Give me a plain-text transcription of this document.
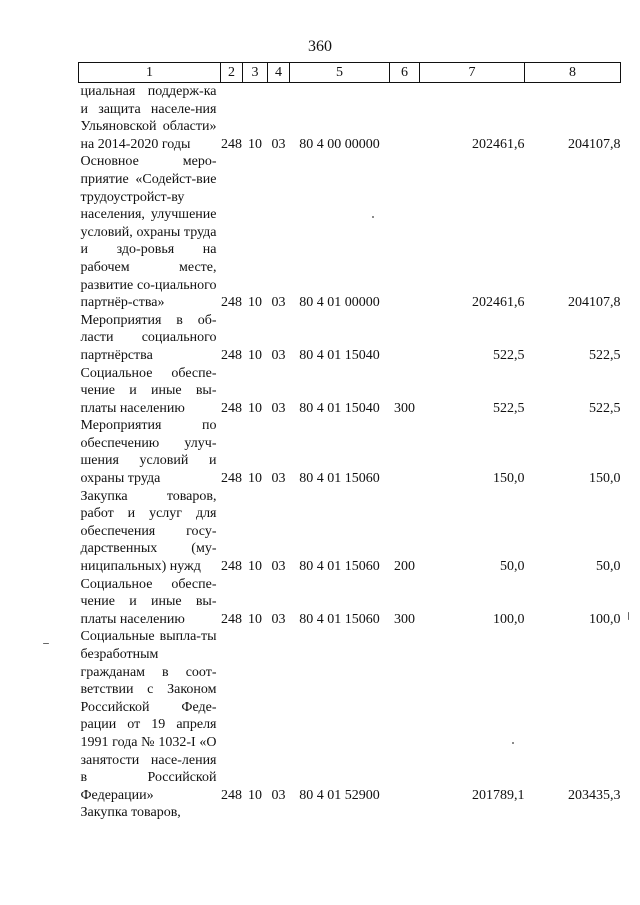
360
1	2	3	4	5	6	7	8
циальная поддерж-ка и защита населе-ния Ульяновской области» на 2014-2020 годы	248	10	03	80 4 00 00000		202461,6	204107,8
Основное меро-приятие «Содейст-вие трудоустройст-ву населения, улучшение условий, охраны труда и здо-ровья на рабочем месте, развитие со-циального партнёр-ства»	248	10	03	80 4 01 00000		202461,6	204107,8
Мероприятия в об-ласти социального партнёрства	248	10	03	80 4 01 15040		522,5	522,5
Социальное обеспе-чение и иные вы-платы населению	248	10	03	80 4 01 15040	300	522,5	522,5
Мероприятия по обеспечению улуч-шения условий и охраны труда	248	10	03	80 4 01 15060		150,0	150,0
Закупка товаров, работ и услуг для обеспечения госу-дарственных (му-ниципальных) нужд	248	10	03	80 4 01 15060	200	50,0	50,0
Социальное обеспе-чение и иные вы-платы населению	248	10	03	80 4 01 15060	300	100,0	100,0
Социальные выпла-ты безработным гражданам в соот-ветствии с Законом Российской Феде-рации от 19 апреля 1991 года № 1032-I «О занятости насе-ления в Российской Федерации»	248	10	03	80 4 01 52900		201789,1	203435,3
Закупка товаров,							
